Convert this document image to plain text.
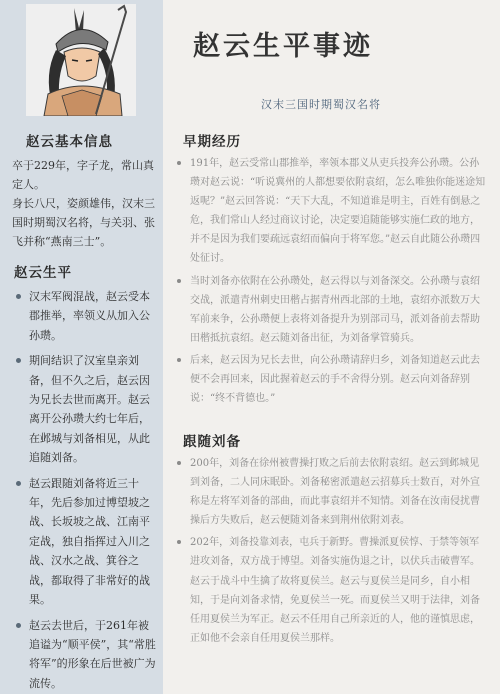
赵云基本信息

卒于229年，字子龙，常山真定人。

身长八尺，姿颜雄伟，汉末三国时期蜀汉名将，与关羽、张飞并称“燕南三士”。

赵云生平
汉末军阀混战，赵云受本郡推举，率领义从加入公孙瓒。
期间结识了汉室皇亲刘备，但不久之后，赵云因为兄长去世而离开。赵云离开公孙瓒大约七年后，在邺城与刘备相见，从此追随刘备。
赵云跟随刘备将近三十年，先后参加过博望坡之战、长坂坡之战、江南平定战，独自指挥过入川之战、汉水之战、箕谷之战，都取得了非常好的战果。
赵云去世后，于261年被追谥为“顺平侯”，其“常胜将军”的形象在后世被广为流传。
赵云生平事迹

汉末三国时期蜀汉名将

早期经历
191年，赵云受常山郡推举，率领本郡义从吏兵投奔公孙瓒。公孙瓒对赵云说：“听说冀州的人都想要依附袁绍，怎么唯独你能迷途知返呢？”赵云回答说：“天下大乱，不知道谁是明主，百姓有倒悬之危，我们常山人经过商议讨论，决定要追随能够实施仁政的地方，并不是因为我们要疏远袁绍而偏向于将军您。”赵云自此随公孙瓒四处征讨。
当时刘备亦依附在公孙瓒处，赵云得以与刘备深交。公孙瓒与袁绍交战，派遣青州刺史田楷占据青州西北部的土地，袁绍亦派数万大军前来争，公孙瓒便上表将刘备提升为别部司马，派刘备前去帮助田楷抵抗袁绍。赵云随刘备出征，为刘备掌管骑兵。
后来，赵云因为兄长去世，向公孙瓒请辞归乡，刘备知道赵云此去便不会再回来，因此握着赵云的手不舍得分别。赵云向刘备辞别说：“终不背德也。”
跟随刘备
200年，刘备在徐州被曹操打败之后前去依附袁绍。赵云到邺城见到刘备，二人同床眠卧。刘备秘密派遣赵云招募兵士数百，对外宣称是左将军刘备的部曲，而此事袁绍并不知情。刘备在汝南侵扰曹操后方失败后，赵云便随刘备来到荆州依附刘表。
202年，刘备投靠刘表，屯兵于新野。曹操派夏侯惇、于禁等领军进攻刘备，双方战于博望。刘备实施伪退之计，以伏兵击破曹军。赵云于战斗中生擒了故将夏侯兰。赵云与夏侯兰是同乡，自小相知，于是向刘备求情，免夏侯兰一死。而夏侯兰又明于法律，刘备任用夏侯兰为军正。赵云不任用自己所亲近的人，他的谨慎思虑，正如他不会亲自任用夏侯兰那样。
